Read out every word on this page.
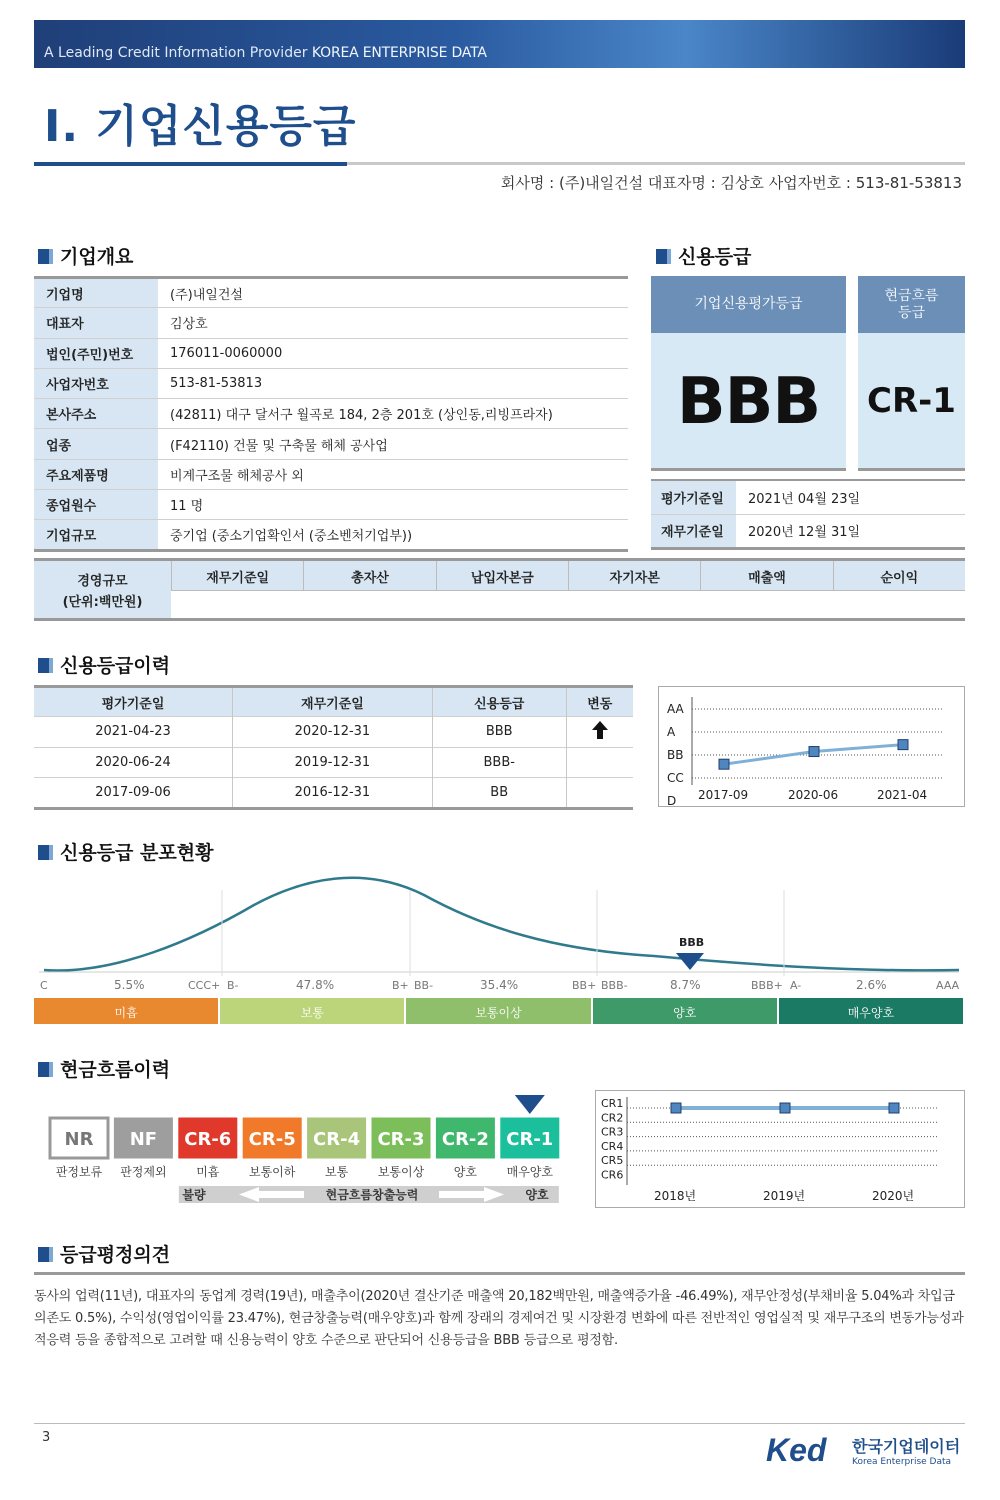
A Leading Credit Information Provider KOREA ENTERPRISE DATA
I. 기업신용등급
회사명 : (주)내일건설 대표자명 : 김상호 사업자번호 : 513-81-53813
기업개요
기업명	(주)내일건설
대표자	김상호
법인(주민)번호	176011-0060000
사업자번호	513-81-53813
본사주소	(42811) 대구 달서구 월곡로 184, 2층 201호 (상인동,리빙프라자)
업종	(F42110) 건물 및 구축물 해체 공사업
주요제품명	비계구조물 해체공사 외
종업원수	11 명
기업규모	중기업 (중소기업확인서 (중소벤처기업부))
신용등급
기업신용평가등급
BBB
현금흐름
등급
CR-1
평가기준일	2021년 04월 23일
재무기준일	2020년 12월 31일
경영규모
(단위:백만원)
재무기준일	총자산	납입자본금	자기자본	매출액	순이익
신용등급이력
평가기준일	재무기준일	신용등급	변동
2021-04-23	2020-12-31	BBB	
2020-06-24	2019-12-31	BBB-	
2017-09-06	2016-12-31	BB	
AA
A
BB
CC
D 2017-09	2020-06	2021-04
신용등급 분포현황
BBB
C	CCC+ B-	B+ BB-	BB+ BBB-	BBB+ A-	AAA
5.5%	47.8%	35.4%	8.7%	2.6%
미흡	보통	보통이상	양호	매우양호
현금흐름이력
NR
판정보류
NF
판정제외
CR-6
미흡
CR-5
보통이하
CR-4
보통
CR-3
보통이상
CR-2
양호
CR-1
매우양호
불량	현금흐름창출능력	양호
CR1
CR2
CR3
CR4
CR5
CR6
2018년	2019년	2020년
등급평정의견
동사의 업력(11년), 대표자의 동업계 경력(19년), 매출추이(2020년 결산기준 매출액 20,182백만원, 매출액증가율 -46.49%), 재무안정성(부채비율 5.04%과 차입금의존도 0.5%), 수익성(영업이익률 23.47%), 현금창출능력(매우양호)과 함께 장래의 경제여건 및 시장환경 변화에 따른 전반적인 영업실적 및 재무구조의 변동가능성과 적응력 등을 종합적으로 고려할 때 신용능력이 양호 수준으로 판단되어 신용등급을 BBB 등급으로 평정함.
3	Ked 한국기업데이터
Korea Enterprise Data
